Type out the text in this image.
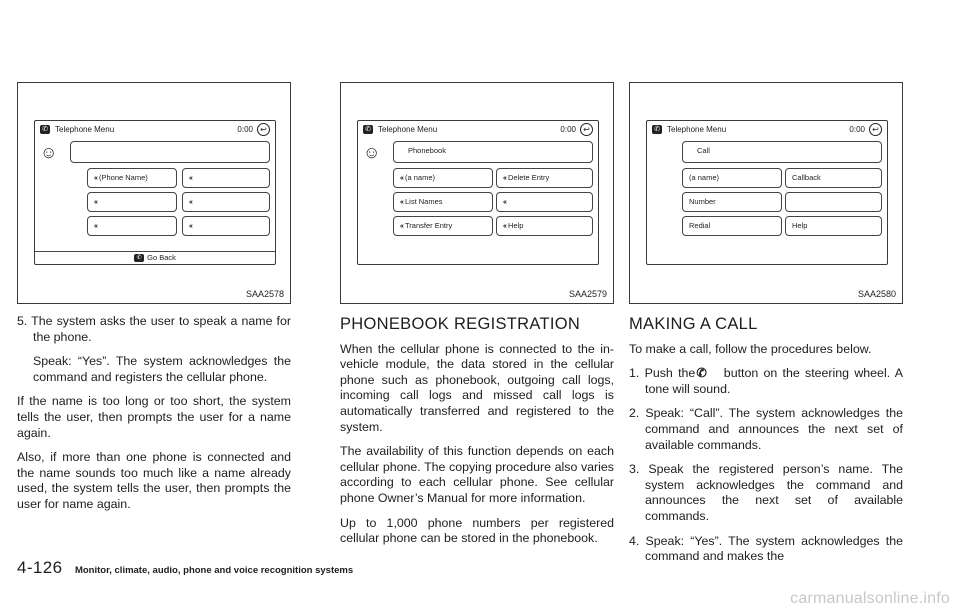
✆ Telephone Menu	0:00 ↩
☺
‹‹ (Phone Name)	‹‹
‹‹	‹‹
‹‹	‹‹
✆ Go Back
SAA2578

5. The system asks the user to speak a name for the phone.

Speak: “Yes”. The system acknowledges the command and registers the cellular phone.

If the name is too long or too short, the system tells the user, then prompts the user for a name again.

Also, if more than one phone is connected and the name sounds too much like a name already used, the system tells the user, then prompts the user for name again.

✆ Telephone Menu	0:00 ↩
☺	Phonebook
‹‹ (a name)	‹‹ Delete Entry
‹‹ List Names	‹‹
‹‹ Transfer Entry	‹‹ Help
SAA2579
PHONEBOOK REGISTRATION

When the cellular phone is connected to the in-vehicle module, the data stored in the cellular phone such as phonebook, outgoing call logs, incoming call logs and missed call logs is automatically transferred and registered to the system.

The availability of this function depends on each cellular phone. The copying procedure also varies according to each cellular phone. See cellular phone Owner’s Manual for more information.

Up to 1,000 phone numbers per registered cellular phone can be stored in the phonebook.

✆ Telephone Menu	0:00 ↩
Call
(a name)	Callback
Number
Redial	Help
SAA2580
MAKING A CALL

To make a call, follow the procedures below.

1. Push the ✆ button on the steering wheel. A tone will sound.

2. Speak: “Call”. The system acknowledges the command and announces the next set of available commands.

3. Speak the registered person’s name. The system acknowledges the command and announces the next set of available commands.

4. Speak: “Yes”. The system acknowledges the command and makes the

4-126 Monitor, climate, audio, phone and voice recognition systems
carmanualsonline.info
